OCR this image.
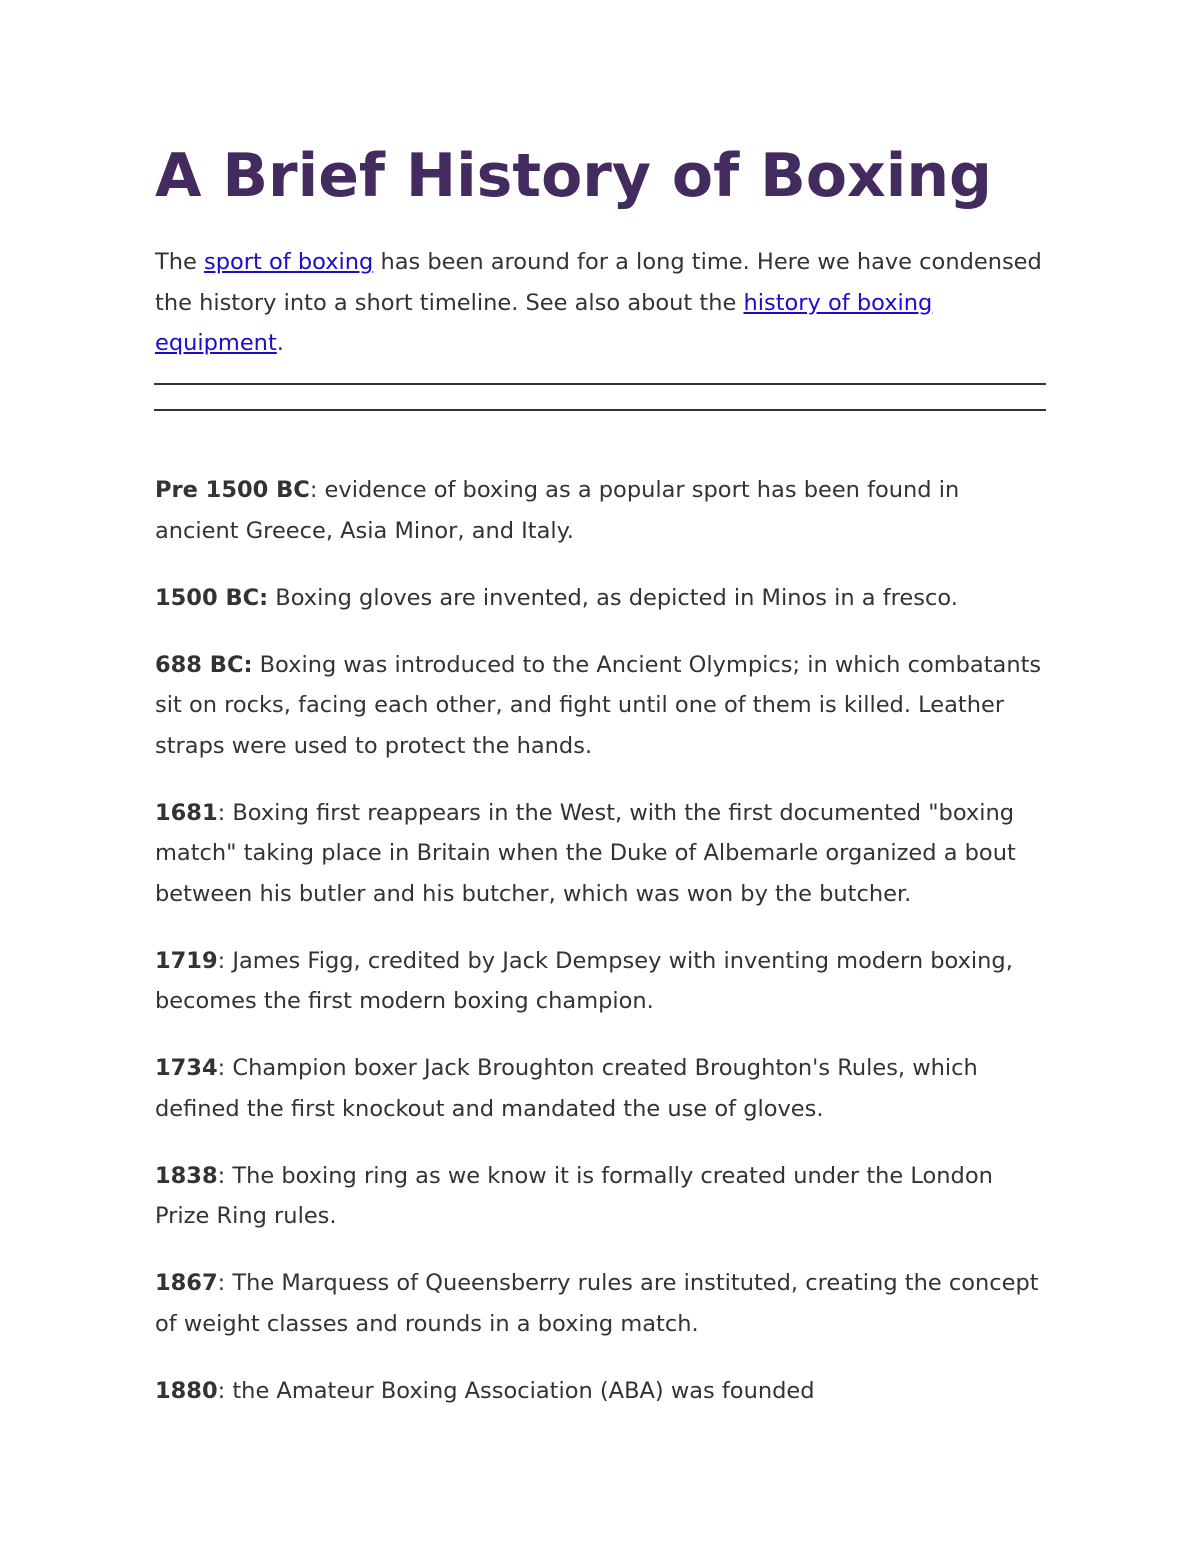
A Brief History of Boxing

The sport of boxing has been around for a long time. Here we have condensed the history into a short timeline. See also about the history of boxing equipment.

Pre 1500 BC: evidence of boxing as a popular sport has been found in ancient Greece, Asia Minor, and Italy.
1500 BC: Boxing gloves are invented, as depicted in Minos in a fresco.
688 BC: Boxing was introduced to the Ancient Olympics; in which combatants sit on rocks, facing each other, and fight until one of them is killed. Leather straps were used to protect the hands.
1681: Boxing first reappears in the West, with the first documented "boxing match" taking place in Britain when the Duke of Albemarle organized a bout between his butler and his butcher, which was won by the butcher.
1719: James Figg, credited by Jack Dempsey with inventing modern boxing, becomes the first modern boxing champion.
1734: Champion boxer Jack Broughton created Broughton's Rules, which defined the first knockout and mandated the use of gloves.
1838: The boxing ring as we know it is formally created under the London Prize Ring rules.
1867: The Marquess of Queensberry rules are instituted, creating the concept of weight classes and rounds in a boxing match.
1880: the Amateur Boxing Association (ABA) was founded
